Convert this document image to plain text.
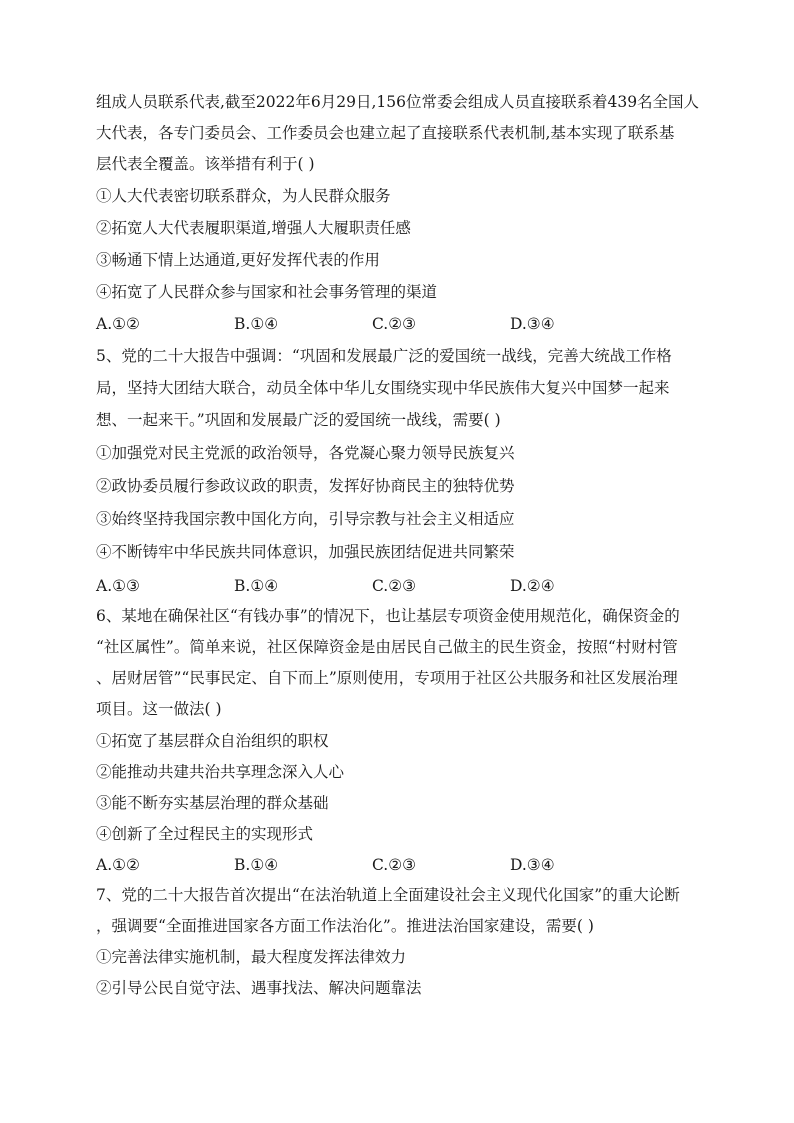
组成人员联系代表,截至2022年6月29日,156位常委会组成人员直接联系着439名全国人
大代表，各专门委员会、工作委员会也建立起了直接联系代表机制,基本实现了联系基
层代表全覆盖。该举措有利于( )
①人大代表密切联系群众，为人民群众服务
②拓宽人大代表履职渠道,增强人大履职责任感
③畅通下情上达通道,更好发挥代表的作用
④拓宽了人民群众参与国家和社会事务管理的渠道
A.①②	B.①④	C.②③	D.③④
5、党的二十大报告中强调：“巩固和发展最广泛的爱国统一战线，完善大统战工作格
局，坚持大团结大联合，动员全体中华儿女围绕实现中华民族伟大复兴中国梦一起来
想、一起来干。”巩固和发展最广泛的爱国统一战线，需要( )
①加强党对民主党派的政治领导，各党凝心聚力领导民族复兴
②政协委员履行参政议政的职责，发挥好协商民主的独特优势
③始终坚持我国宗教中国化方向，引导宗教与社会主义相适应
④不断铸牢中华民族共同体意识，加强民族团结促进共同繁荣
A.①③	B.①④	C.②③	D.②④
6、某地在确保社区“有钱办事”的情况下，也让基层专项资金使用规范化，确保资金的
“社区属性”。简单来说，社区保障资金是由居民自己做主的民生资金，按照“村财村管
、居财居管”“民事民定、自下而上”原则使用，专项用于社区公共服务和社区发展治理
项目。这一做法( )
①拓宽了基层群众自治组织的职权
②能推动共建共治共享理念深入人心
③能不断夯实基层治理的群众基础
④创新了全过程民主的实现形式
A.①②	B.①④	C.②③	D.③④
7、党的二十大报告首次提出“在法治轨道上全面建设社会主义现代化国家”的重大论断
，强调要“全面推进国家各方面工作法治化”。推进法治国家建设，需要( )
①完善法律实施机制，最大程度发挥法律效力
②引导公民自觉守法、遇事找法、解决问题靠法
